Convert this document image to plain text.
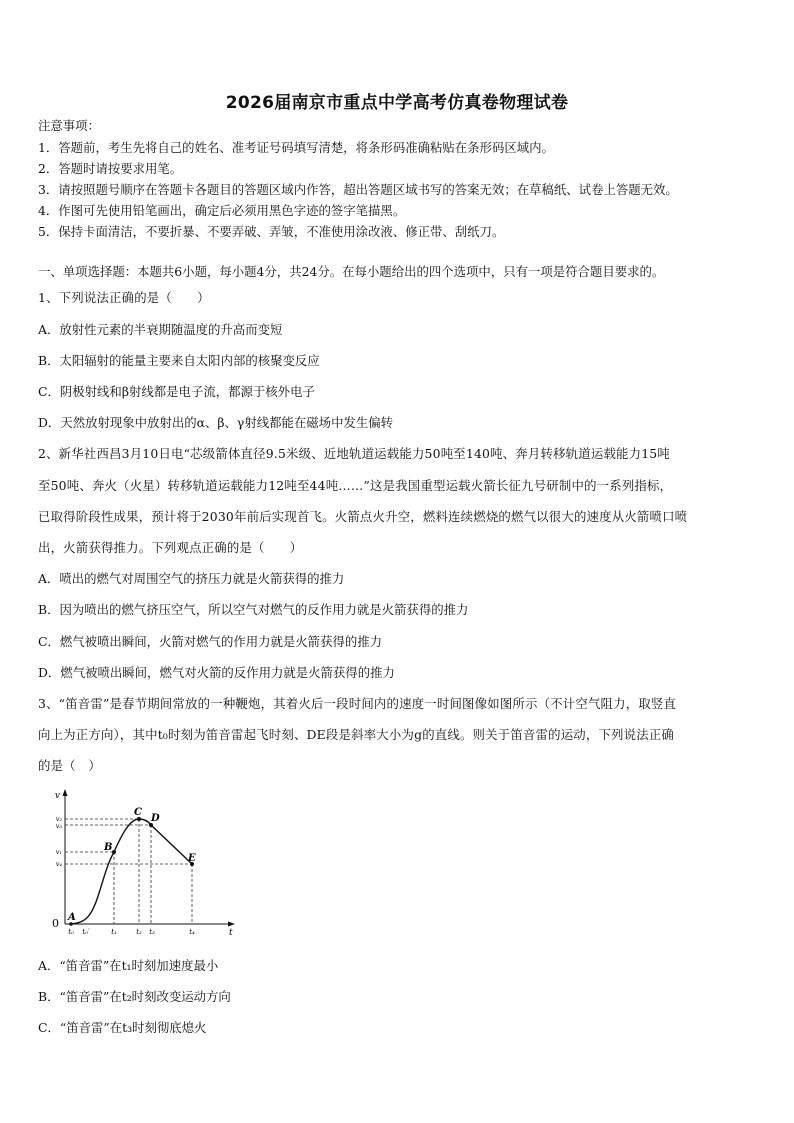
2026届南京市重点中学高考仿真卷物理试卷
注意事项：
1．答题前，考生先将自己的姓名、准考证号码填写清楚，将条形码准确粘贴在条形码区域内。
2．答题时请按要求用笔。
3．请按照题号顺序在答题卡各题目的答题区域内作答，超出答题区域书写的答案无效；在草稿纸、试卷上答题无效。
4．作图可先使用铅笔画出，确定后必须用黑色字迹的签字笔描黑。
5．保持卡面清洁，不要折暴、不要弄破、弄皱，不准使用涂改液、修正带、刮纸刀。
一、单项选择题：本题共6小题，每小题4分，共24分。在每小题给出的四个选项中，只有一项是符合题目要求的。
1、下列说法正确的是（　　）
A．放射性元素的半衰期随温度的升高而变短
B．太阳辐射的能量主要来自太阳内部的核聚变反应
C．阴极射线和β射线都是电子流，都源于核外电子
D．天然放射现象中放射出的α、β、γ射线都能在磁场中发生偏转
2、新华社西昌3月10日电“芯级箭体直径9.5米级、近地轨道运载能力50吨至140吨、奔月转移轨道运载能力15吨
至50吨、奔火（火星）转移轨道运载能力12吨至44吨……”这是我国重型运载火箭长征九号研制中的一系列指标，
已取得阶段性成果，预计将于2030年前后实现首飞。火箭点火升空，燃料连续燃烧的燃气以很大的速度从火箭喷口喷
出，火箭获得推力。下列观点正确的是（　　）
A．喷出的燃气对周围空气的挤压力就是火箭获得的推力
B．因为喷出的燃气挤压空气，所以空气对燃气的反作用力就是火箭获得的推力
C．燃气被喷出瞬间，火箭对燃气的作用力就是火箭获得的推力
D．燃气被喷出瞬间，燃气对火箭的反作用力就是火箭获得的推力
3、“笛音雷”是春节期间常放的一种鞭炮，其着火后一段时间内的速度一时间图像如图所示（不计空气阻力，取竖直
向上为正方向），其中t₀时刻为笛音雷起飞时刻、DE段是斜率大小为g的直线。则关于笛音雷的运动，下列说法正确
的是（　）
v
t
0 A
B
C
D
E
v₂
v₃
v₁
v₄
t₀ t₀′	t₁	t₂ t₃	t₄
A．“笛音雷”在t₁时刻加速度最小
B．“笛音雷”在t₂时刻改变运动方向
C．“笛音雷”在t₃时刻彻底熄火
